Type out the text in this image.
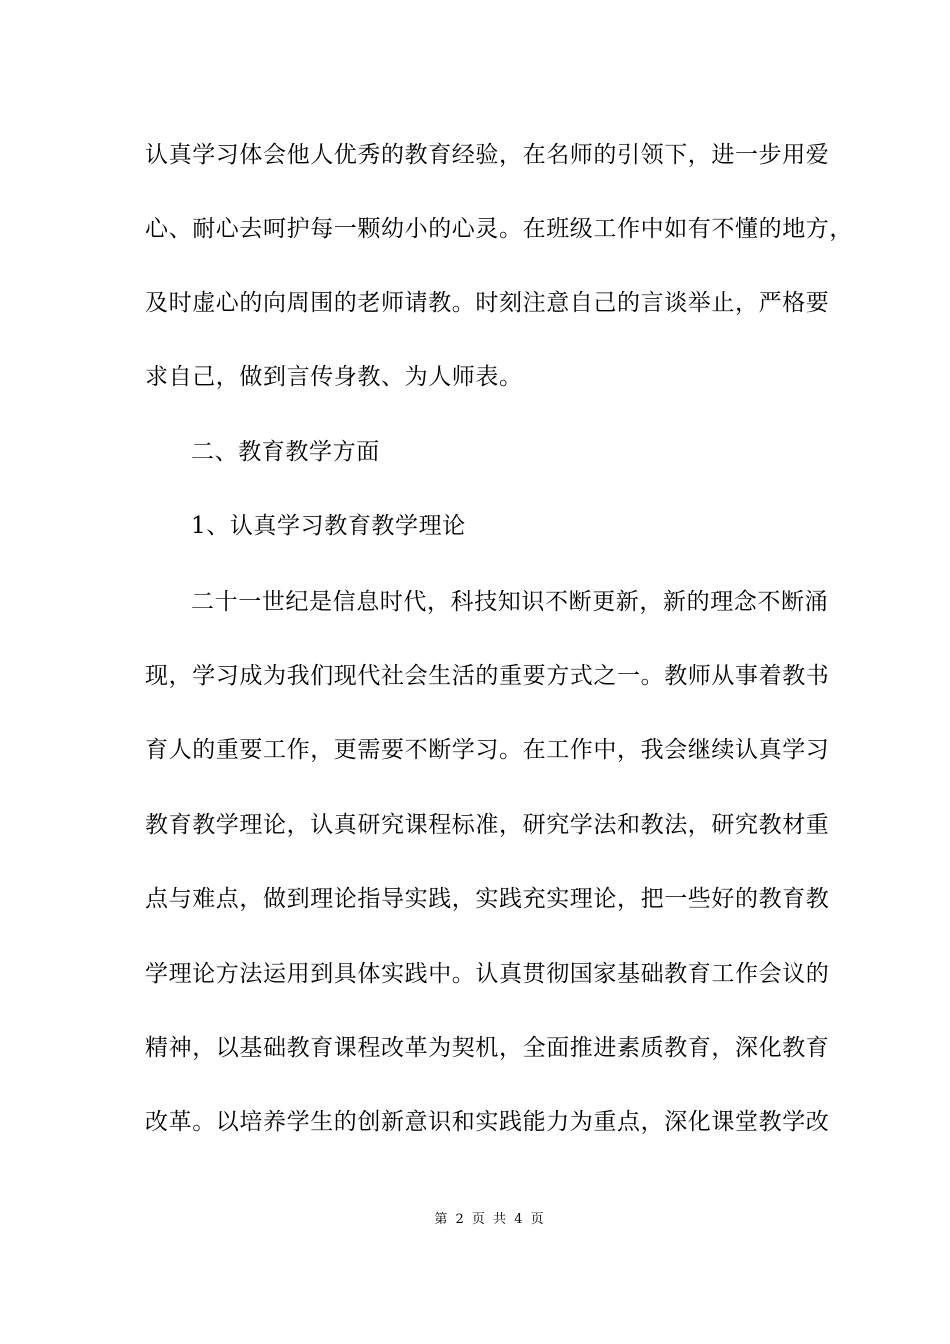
认真学习体会他人优秀的教育经验，在名师的引领下，进一步用爱
心、耐心去呵护每一颗幼小的心灵。在班级工作中如有不懂的地方，
及时虚心的向周围的老师请教。时刻注意自己的言谈举止，严格要
求自己，做到言传身教、为人师表。
二、教育教学方面
1、认真学习教育教学理论
二十一世纪是信息时代，科技知识不断更新，新的理念不断涌
现，学习成为我们现代社会生活的重要方式之一。教师从事着教书
育人的重要工作，更需要不断学习。在工作中，我会继续认真学习
教育教学理论，认真研究课程标准，研究学法和教法，研究教材重
点与难点，做到理论指导实践，实践充实理论，把一些好的教育教
学理论方法运用到具体实践中。认真贯彻国家基础教育工作会议的
精神，以基础教育课程改革为契机，全面推进素质教育，深化教育
改革。以培养学生的创新意识和实践能力为重点，深化课堂教学改
第 2 页 共 4 页
